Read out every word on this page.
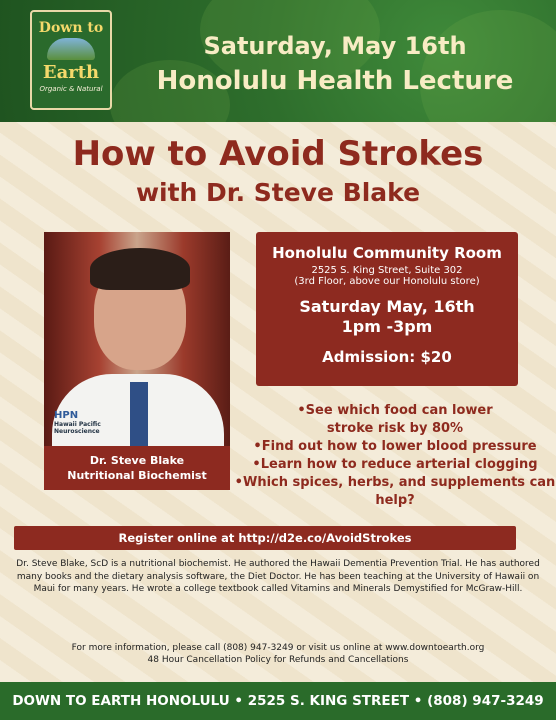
Down to
Earth
Organic & Natural
Saturday, May 16th
Honolulu Health Lecture
How to Avoid Strokes
with Dr. Steve Blake
HPN
Hawaii Pacific
Neuroscience
Dr. Steve Blake
Nutritional Biochemist
Honolulu Community Room
2525 S. King Street, Suite 302
(3rd Floor, above our Honolulu store)
Saturday May, 16th
1pm -3pm
Admission: $20
•See which food can lower
stroke risk by 80%
•Find out how to lower blood pressure
•Learn how to reduce arterial clogging
•Which spices, herbs, and supplements can
help?
Register online at http://d2e.co/AvoidStrokes
Dr. Steve Blake, ScD is a nutritional biochemist. He authored the Hawaii Dementia Prevention Trial. He has authored many books and the dietary analysis software, the Diet Doctor. He has been teaching at the University of Hawaii on Maui for many years. He wrote a college textbook called Vitamins and Minerals Demystified for McGraw-Hill.
For more information, please call (808) 947-3249 or visit us online at www.downtoearth.org
48 Hour Cancellation Policy for Refunds and Cancellations
DOWN TO EARTH HONOLULU • 2525 S. KING STREET • (808) 947-3249
